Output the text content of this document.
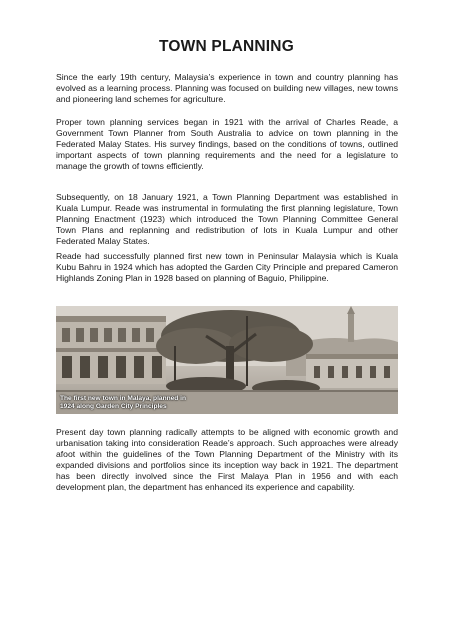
TOWN PLANNING

Since the early 19th century, Malaysia’s experience in town and country planning has evolved as a learning process. Planning was focused on building new villages, new towns and pioneering land schemes for agriculture.

Proper town planning services began in 1921 with the arrival of Charles Reade, a Government Town Planner from South Australia to advice on town planning in the Federated Malay States. His survey findings, based on the conditions of towns, outlined important aspects of town planning requirements and the need for a legislature to manage the growth of towns efficiently.

Subsequently, on 18 January 1921, a Town Planning Department was established in Kuala Lumpur. Reade was instrumental in formulating the first planning legislature, Town Planning Enactment (1923) which introduced the Town Planning Committee General Town Plans and replanning and redistribution of lots in Kuala Lumpur and other Federated Malay States.

Reade had successfully planned first new town in Peninsular Malaysia which is Kuala Kubu Bahru in 1924 which has adopted the Garden City Principle and prepared Cameron Highlands Zoning Plan in 1928 based on planning of Baguio, Philippine.

The first new town in Malaya, planned in 1924 along Garden City Principles

Present day town planning radically attempts to be aligned with economic growth and urbanisation taking into consideration Reade’s approach. Such approaches were already afoot within the guidelines of the Town Planning Department of the Ministry with its expanded divisions and portfolios since its inception way back in 1921. The department has been directly involved since the First Malaya Plan in 1956 and with each development plan, the department has enhanced its experience and capability.
